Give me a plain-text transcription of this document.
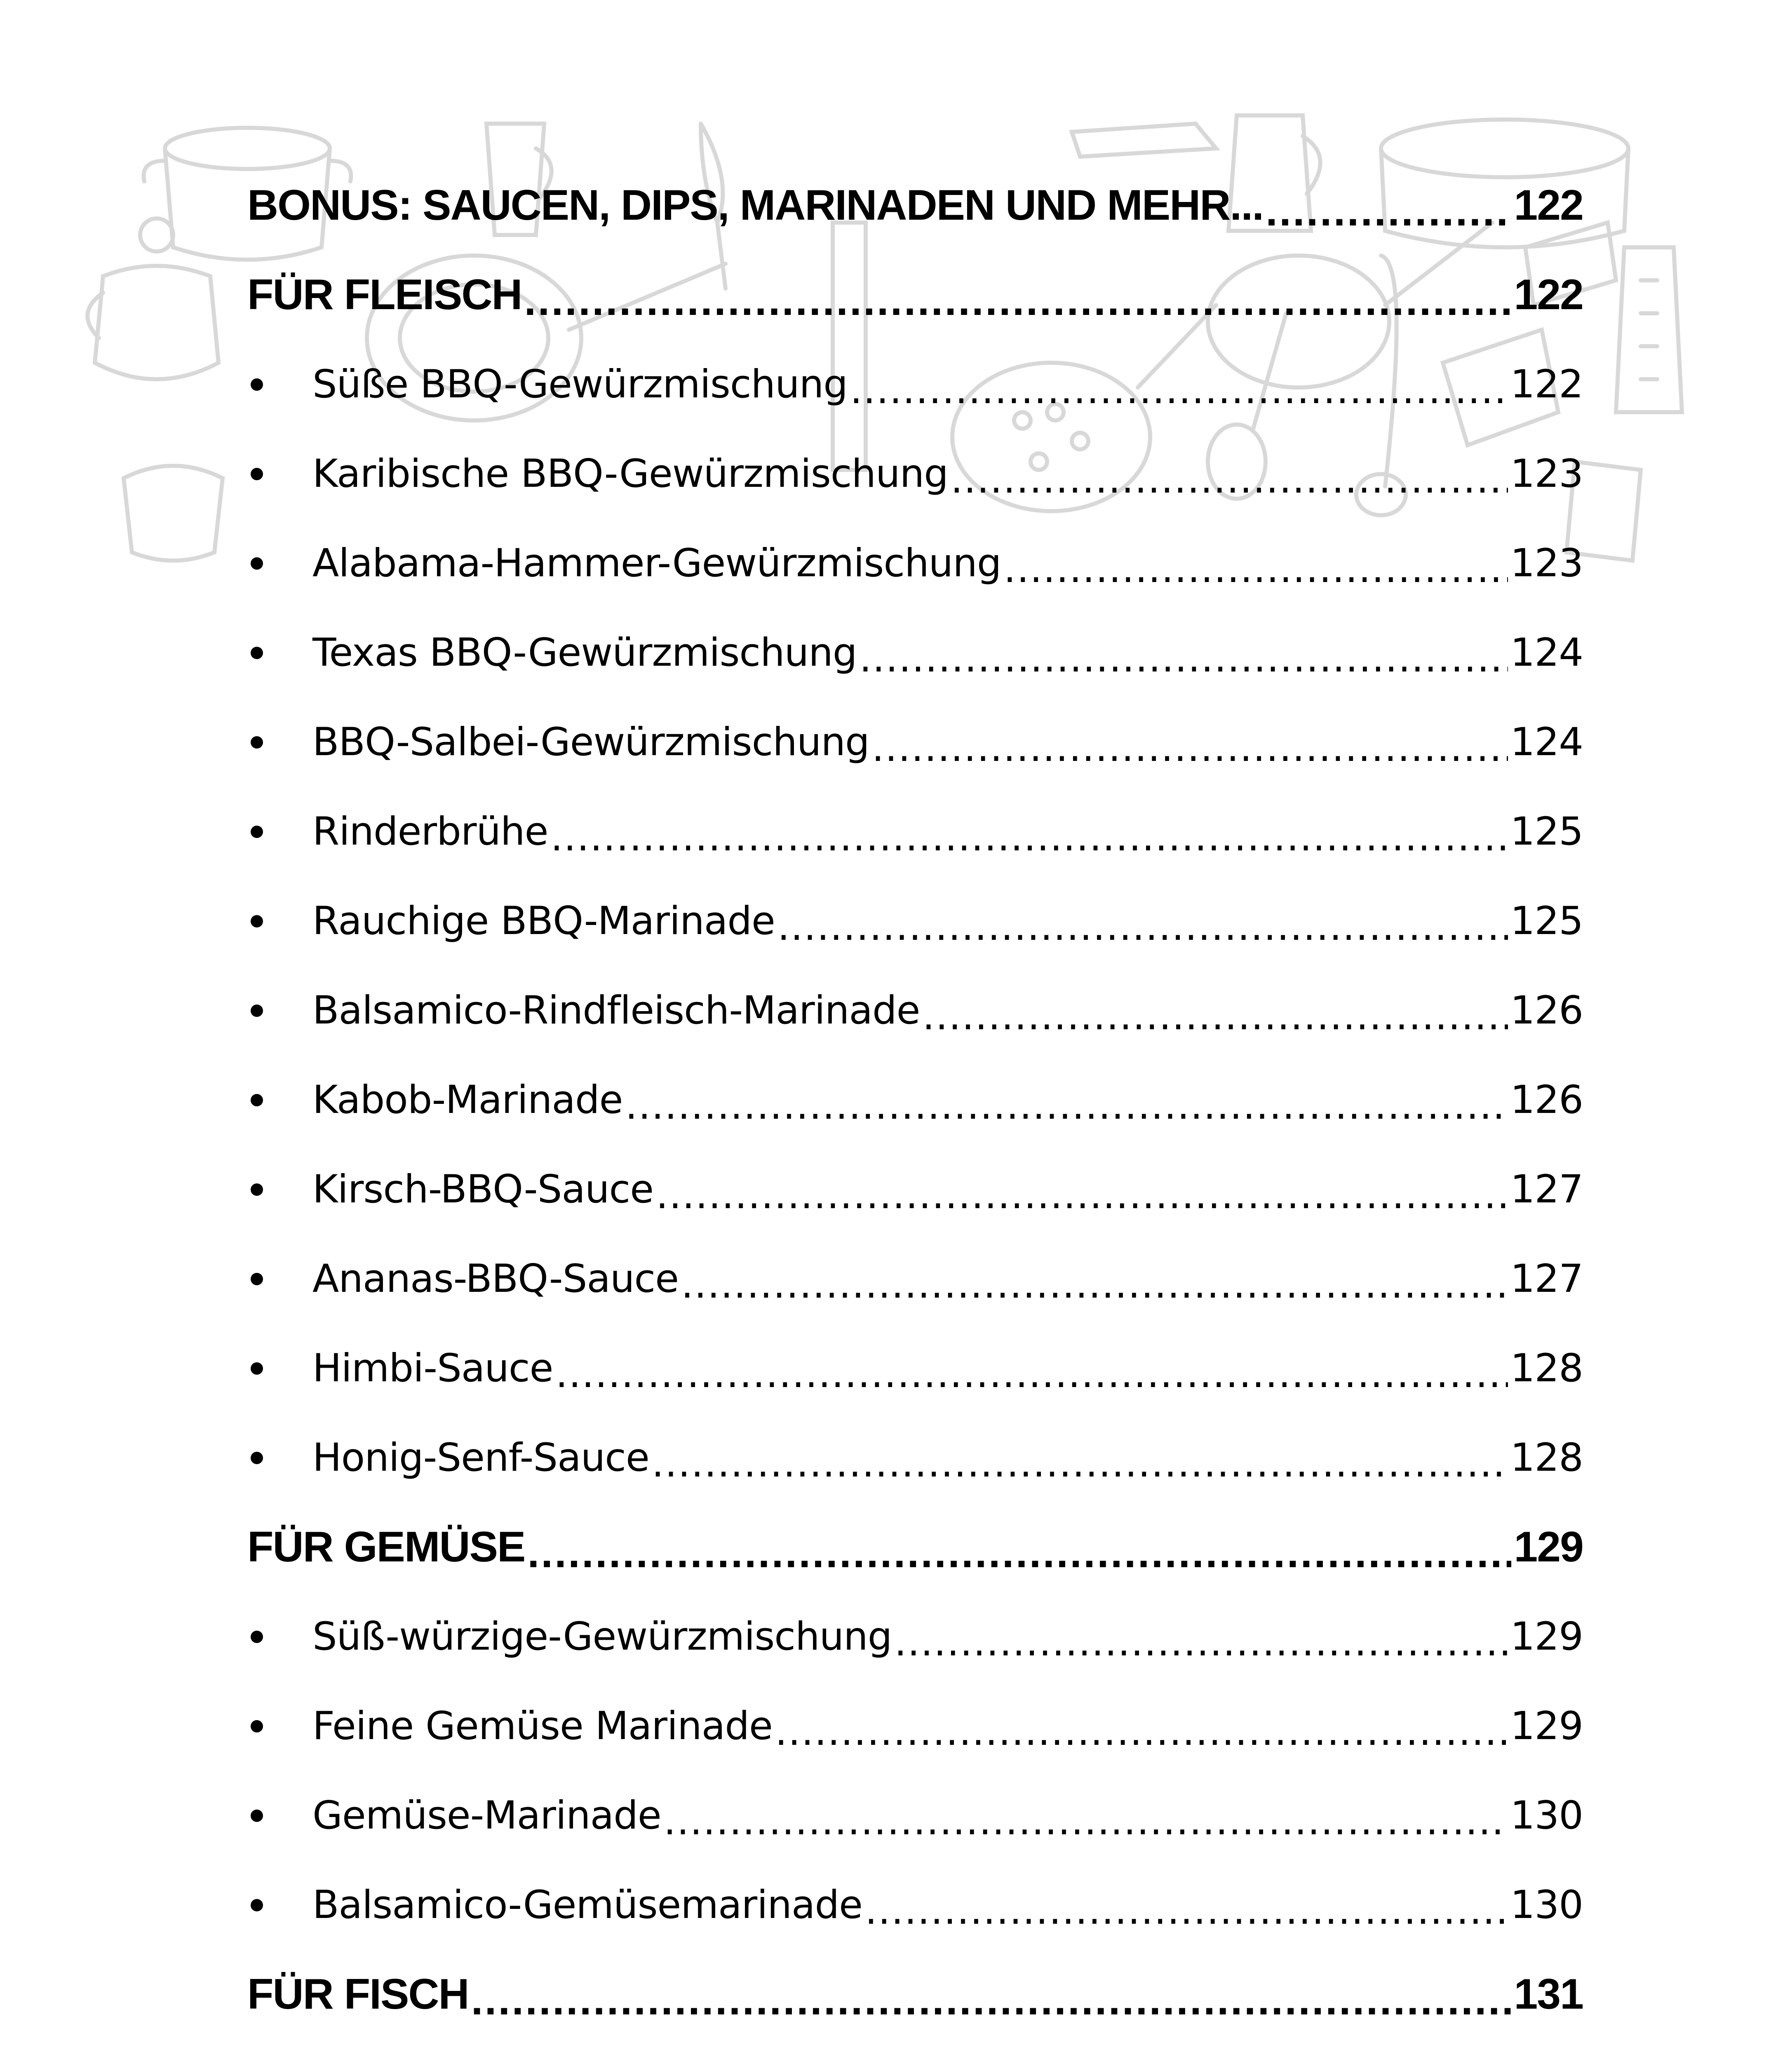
BONUS: SAUCEN, DIPS, MARINADEN UND MEHR... .....	122
FÜR FLEISCH .....	122
Süße BBQ-Gewürzmischung .....	122
Karibische BBQ-Gewürzmischung .....	123
Alabama-Hammer-Gewürzmischung .....	123
Texas BBQ-Gewürzmischung .....	124
BBQ-Salbei-Gewürzmischung .....	124
Rinderbrühe .....	125
Rauchige BBQ-Marinade .....	125
Balsamico-Rindfleisch-Marinade .....	126
Kabob-Marinade .....	126
Kirsch-BBQ-Sauce .....	127
Ananas-BBQ-Sauce .....	127
Himbi-Sauce .....	128
Honig-Senf-Sauce .....	128
FÜR GEMÜSE .....	129
Süß-würzige-Gewürzmischung .....	129
Feine Gemüse Marinade .....	129
Gemüse-Marinade .....	130
Balsamico-Gemüsemarinade .....	130
FÜR FISCH .....	131
